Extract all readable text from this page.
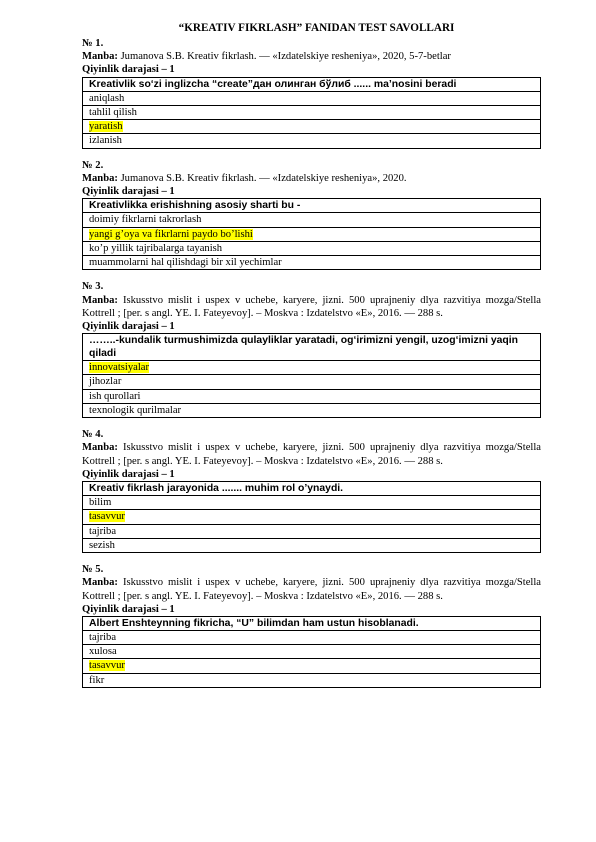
“KREATIV FIKRLASH” FANIDAN TEST SAVOLLARI
№ 1.
Manba: Jumanova S.B. Kreativ fikrlash. — «Izdatelskiye resheniya», 2020, 5-7-betlar
Qiyinlik darajasi – 1
Kreativlik so‘zi inglizcha “create”дан олинган бўлиб ...... ma’nosini beradi
aniqlash
tahlil qilish
yaratish
izlanish
№ 2.
Manba: Jumanova S.B. Kreativ fikrlash. — «Izdatelskiye resheniya», 2020.
Qiyinlik darajasi – 1
Kreativlikka erishishning asosiy sharti bu -
doimiy fikrlarni takrorlash
yangi g’oya va fikrlarni paydo bo’lishi
ko’p yillik tajribalarga tayanish
muammolarni hal qilishdagi bir xil yechimlar
№ 3.
Manba: Iskusstvo mislit i uspex v uchebe, karyere, jizni. 500 uprajneniy dlya razvitiya mozga/Stella Kottrell ; [per. s angl. YE. I. Fateyevoy]. – Moskva : Izdatelstvo «E», 2016. — 288 s.
Qiyinlik darajasi – 1
……..-kundalik turmushimizda qulayliklar yaratadi, og‘irimizni yengil, uzog‘imizni yaqin qiladi
innovatsiyalar
jihozlar
ish qurollari
texnologik qurilmalar
№ 4.
Manba: Iskusstvo mislit i uspex v uchebe, karyere, jizni. 500 uprajneniy dlya razvitiya mozga/Stella Kottrell ; [per. s angl. YE. I. Fateyevoy]. – Moskva : Izdatelstvo «E», 2016. — 288 s.
Qiyinlik darajasi – 1
Kreativ fikrlash jarayonida ....... muhim rol o’ynaydi.
bilim
tasavvur
tajriba
sezish
№ 5.
Manba: Iskusstvo mislit i uspex v uchebe, karyere, jizni. 500 uprajneniy dlya razvitiya mozga/Stella Kottrell ; [per. s angl. YE. I. Fateyevoy]. – Moskva : Izdatelstvo «E», 2016. — 288 s.
Qiyinlik darajasi – 1
Albert Enshteynning fikricha, “U” bilimdan ham ustun hisoblanadi.
tajriba
xulosa
tasavvur
fikr
